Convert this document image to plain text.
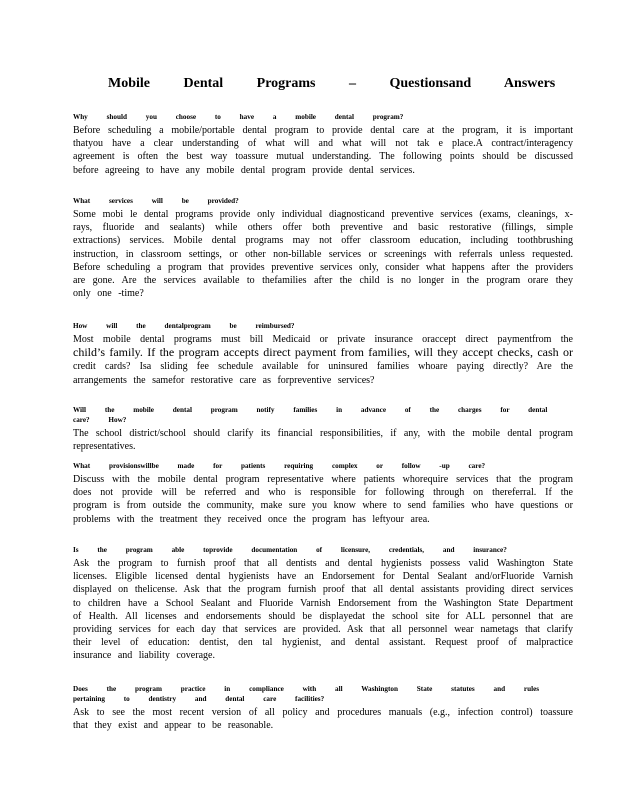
Mobile Dental Programs – Questionsand Answers

Why should you choose to have a mobile dental program?

Before scheduling a mobile/portable dental program to provide dental care at the program, it is important thatyou have a clear understanding of what will and what will not tak e place.A contract/interagency agreement is often the best way toassure mutual understanding. The following points should be discussed before agreeing to have any mobile dental program provide dental services.

What services will be provided?

Some mobi le dental programs provide only individual diagnosticand preventive services (exams, cleanings, x-rays, fluoride and sealants) while others offer both preventive and basic restorative (fillings, simple extractions) services. Mobile dental programs may not offer classroom education, including toothbrushing instruction, in classroom settings, or other non-billable services or screenings with referrals unless requested. Before scheduling a program that provides preventive services only, consider what happens after the providers are gone. Are the services available to thefamilies after the child is no longer in the program orare they only one -time?

How will the dentalprogram be reimbursed?

Most mobile dental programs must bill Medicaid or private insurance oraccept direct paymentfrom the child’s family. If the program accepts direct payment from families, will they accept checks, cash or credit cards? Isa sliding fee schedule available for uninsured families whoare paying directly? Are the arrangements the samefor restorative care as forpreventive services?

Will the mobile dental program notify families in advance of the charges for dental care? How?

The school district/school should clarify its financial responsibilities, if any, with the mobile dental program representatives.

What provisionswillbe made for patients requiring complex or follow -up care?

Discuss with the mobile dental program representative where patients whorequire services that the program does not provide will be referred and who is responsible for following through on thereferral. If the program is from outside the community, make sure you know where to send families who have questions or problems with the treatment they received once the program has leftyour area.

Is the program able toprovide documentation of licensure, credentials, and insurance?

Ask the program to furnish proof that all dentists and dental hygienists possess valid Washington State licenses. Eligible licensed dental hygienists have an Endorsement for Dental Sealant and/orFluoride Varnish displayed on thelicense. Ask that the program furnish proof that all dental assistants providing direct services to children have a School Sealant and Fluoride Varnish Endorsement from the Washington State Department of Health. All licenses and endorsements should be displayedat the school site for ALL personnel that are providing services for each day that services are provided. Ask that all personnel wear nametags that clarify their level of education: dentist, den tal hygienist, and dental assistant. Request proof of malpractice insurance and liability coverage.

Does the program practice in compliance with all Washington State statutes and rules pertaining to dentistry and dental care facilities?

Ask to see the most recent version of all policy and procedures manuals (e.g., infection control) toassure that they exist and appear to be reasonable.
